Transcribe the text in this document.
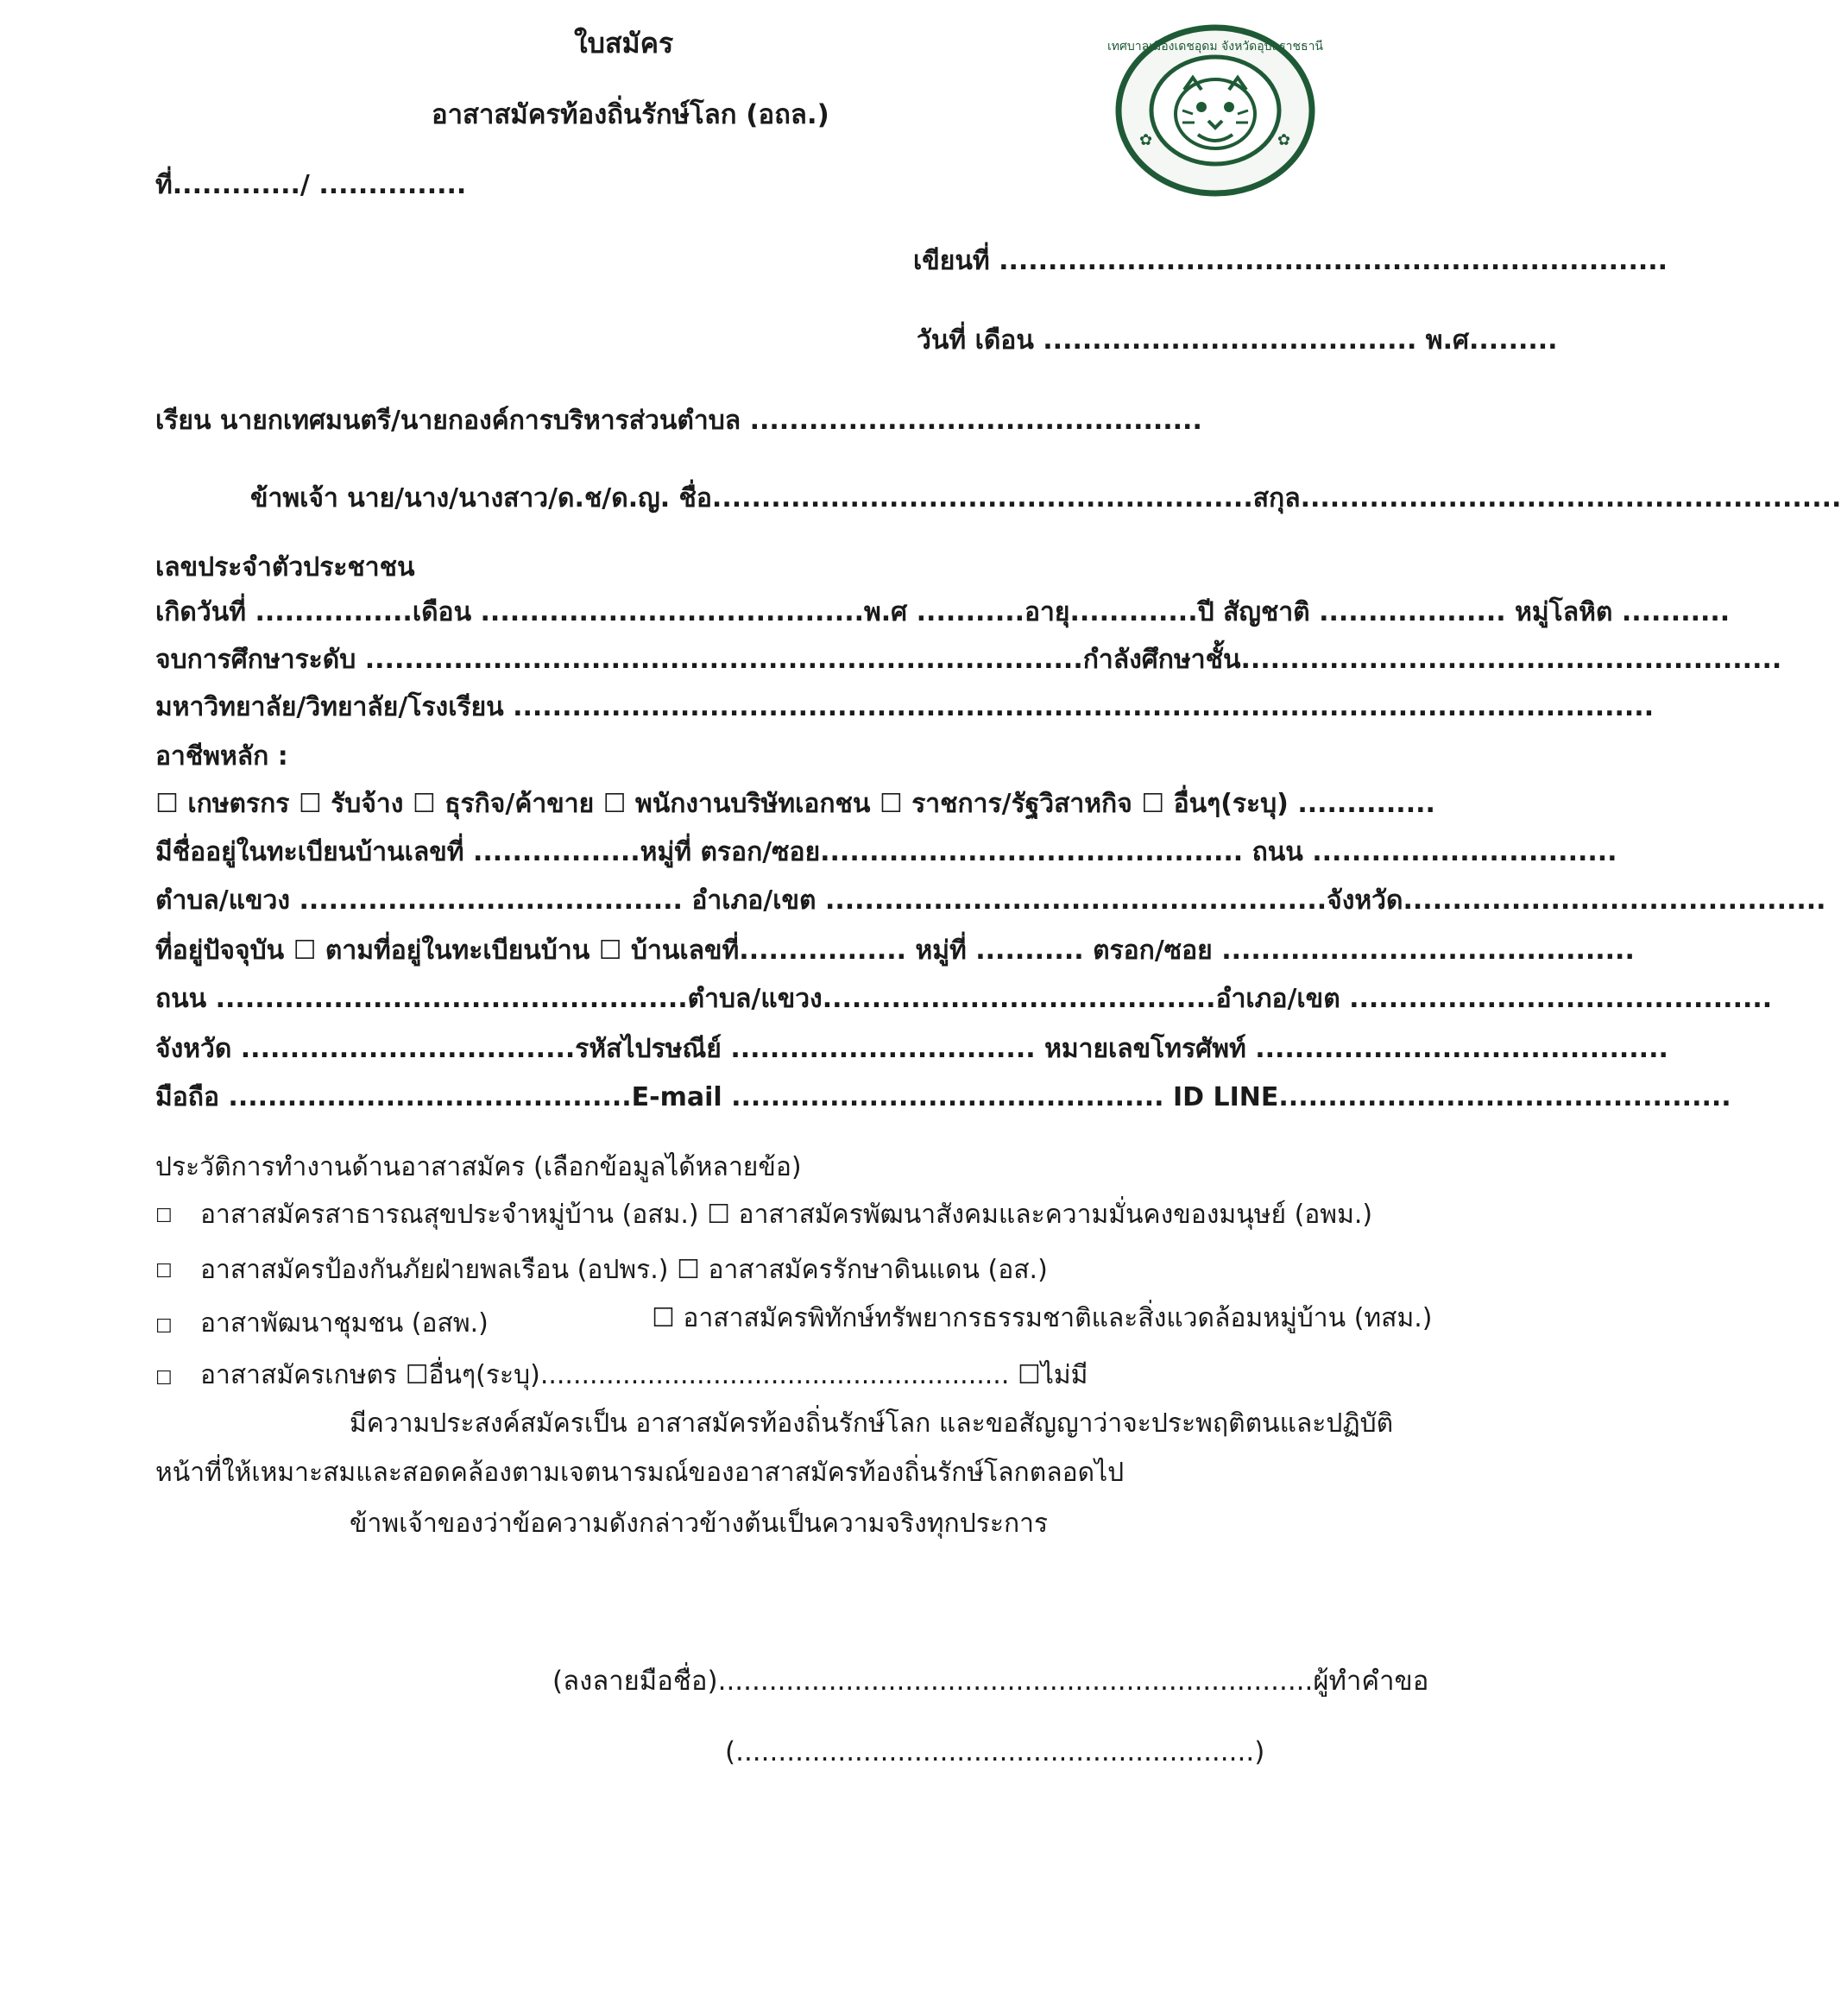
ใบสมัคร
อาสาสมัครท้องถิ่นรักษ์โลก (อถล.)
ที่............./ ...............
✿	✿
เทศบาลเมืองเดชอุดม จังหวัดอุบลราชธานี
เขียนที่ ....................................................................
วันที่ เดือน ...................................... พ.ศ.........
เรียน นายกเทศมนตรี/นายกองค์การบริหารส่วนตำบล ..............................................
ข้าพเจ้า นาย/นาง/นางสาว/ด.ช/ด.ญ. ชื่อ.......................................................สกุล.......................................................
เลขประจำตัวประชาชน
เกิดวันที่ ................เดือน .......................................พ.ศ ...........อายุ.............ปี สัญชาติ ................... หมู่โลหิต ...........
จบการศึกษาระดับ .........................................................................กำลังศึกษาชั้น.......................................................
มหาวิทยาลัย/วิทยาลัย/โรงเรียน ....................................................................................................................
อาชีพหลัก :
☐ เกษตรกร ☐ รับจ้าง ☐ ธุรกิจ/ค้าขาย ☐ พนักงานบริษัทเอกชน ☐ ราชการ/รัฐวิสาหกิจ ☐ อื่นๆ(ระบุ) ..............
มีชื่ออยู่ในทะเบียนบ้านเลขที่ .................หมู่ที่ ตรอก/ซอย........................................... ถนน ...............................
ตำบล/แขวง ....................................... อำเภอ/เขต ...................................................จังหวัด...........................................
ที่อยู่ปัจจุบัน ☐ ตามที่อยู่ในทะเบียนบ้าน ☐ บ้านเลขที่................. หมู่ที่ ........... ตรอก/ซอย ..........................................
ถนน ................................................ตำบล/แขวง........................................อำเภอ/เขต ...........................................
จังหวัด ..................................รหัสไปรษณีย์ ............................... หมายเลขโทรศัพท์ ..........................................
มือถือ .........................................E-mail ............................................ ID LINE..............................................
ประวัติการทำงานด้านอาสาสมัคร (เลือกข้อมูลได้หลายข้อ)
☐ อาสาสมัครสาธารณสุขประจำหมู่บ้าน (อสม.) ☐ อาสาสมัครพัฒนาสังคมและความมั่นคงของมนุษย์ (อพม.)
☐ อาสาสมัครป้องกันภัยฝ่ายพลเรือน (อปพร.) ☐ อาสาสมัครรักษาดินแดน (อส.)
☐ อาสาพัฒนาชุมชน (อสพ.)	☐ อาสาสมัครพิทักษ์ทรัพยากรธรรมชาติและสิ่งแวดล้อมหมู่บ้าน (ทสม.)
☐ อาสาสมัครเกษตร ☐อื่นๆ(ระบุ)......................................................... ☐ไม่มี
มีความประสงค์สมัครเป็น อาสาสมัครท้องถิ่นรักษ์โลก และขอสัญญาว่าจะประพฤติตนและปฏิบัติ
หน้าที่ให้เหมาะสมและสอดคล้องตามเจตนารมณ์ของอาสาสมัครท้องถิ่นรักษ์โลกตลอดไป
ข้าพเจ้าของว่าข้อความดังกล่าวข้างต้นเป็นความจริงทุกประการ
(ลงลายมือชื่อ)......................................................................ผู้ทำคำขอ
(.............................................................)
